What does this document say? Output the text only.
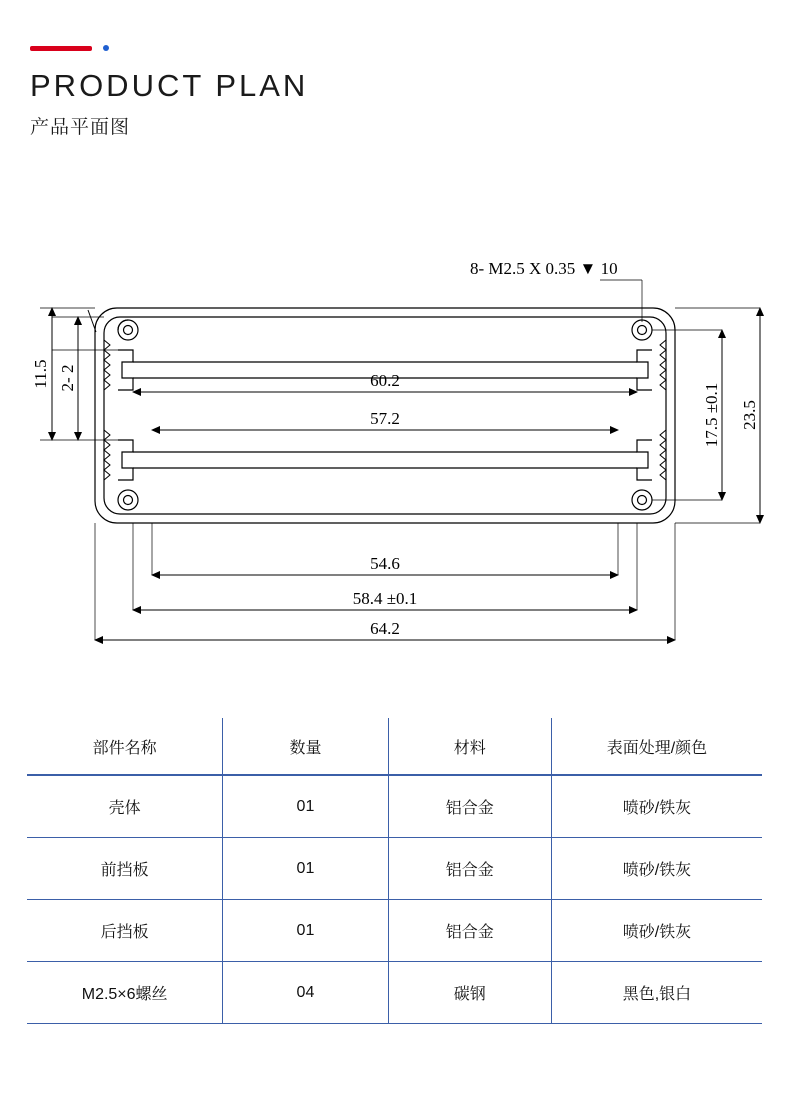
PRODUCT PLAN
产品平面图
8- M2.5 X 0.35 ▼ 10
60.2
57.2
54.6
58.4 ±0.1
64.2
17.5 ±0.1 23.5
11.5 2- 2
部件名称	数量	材料	表面处理/颜色
壳体	01	铝合金	喷砂/铁灰
前挡板	01	铝合金	喷砂/铁灰
后挡板	01	铝合金	喷砂/铁灰
M2.5×6螺丝	04	碳钢	黑色,银白
